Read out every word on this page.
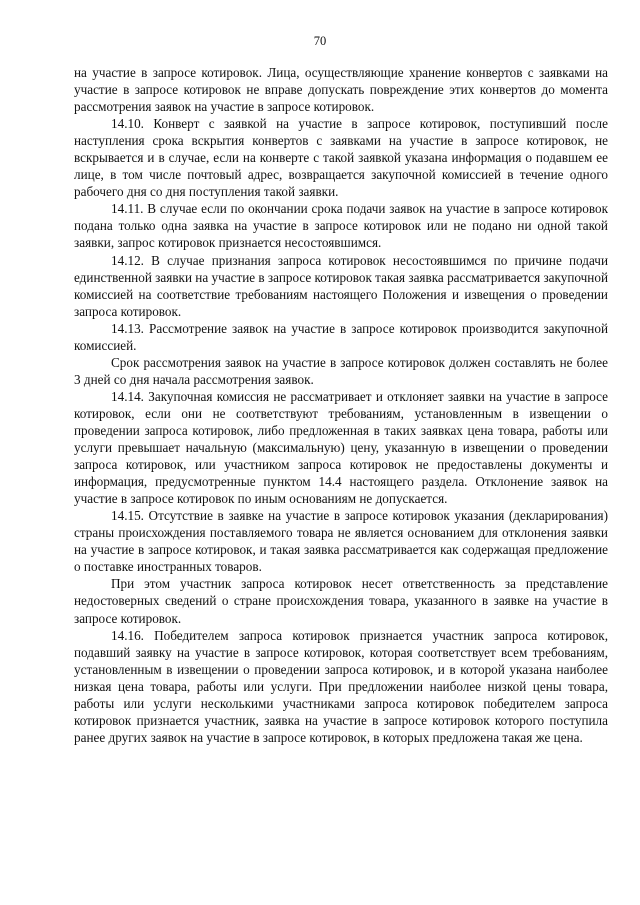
70

на участие в запросе котировок. Лица, осуществляющие хранение конвертов с заявками на участие в запросе котировок не вправе допускать повреждение этих конвертов до момента рассмотрения заявок на участие в запросе котировок.

14.10. Конверт с заявкой на участие в запросе котировок, поступивший после наступления срока вскрытия конвертов с заявками на участие в запросе котировок, не вскрывается и в случае, если на конверте с такой заявкой указана информация о подавшем ее лице, в том числе почтовый адрес, возвращается закупочной комиссией в течение одного рабочего дня со дня поступления такой заявки.

14.11. В случае если по окончании срока подачи заявок на участие в запросе котировок подана только одна заявка на участие в запросе котировок или не подано ни одной такой заявки, запрос котировок признается несостоявшимся.

14.12. В случае признания запроса котировок несостоявшимся по причине подачи единственной заявки на участие в запросе котировок такая заявка рассматривается закупочной комиссией на соответствие требованиям настоящего Положения и извещения о проведении запроса котировок.

14.13. Рассмотрение заявок на участие в запросе котировок производится закупочной комиссией.

Срок рассмотрения заявок на участие в запросе котировок должен составлять не более 3 дней со дня начала рассмотрения заявок.

14.14. Закупочная комиссия не рассматривает и отклоняет заявки на участие в запросе котировок, если они не соответствуют требованиям, установленным в извещении о проведении запроса котировок, либо предложенная в таких заявках цена товара, работы или услуги превышает начальную (максимальную) цену, указанную в извещении о проведении запроса котировок, или участником запроса котировок не предоставлены документы и информация, предусмотренные пунктом 14.4 настоящего раздела. Отклонение заявок на участие в запросе котировок по иным основаниям не допускается.

14.15. Отсутствие в заявке на участие в запросе котировок указания (декларирования) страны происхождения поставляемого товара не является основанием для отклонения заявки на участие в запросе котировок, и такая заявка рассматривается как содержащая предложение о поставке иностранных товаров.

При этом участник запроса котировок несет ответственность за представление недостоверных сведений о стране происхождения товара, указанного в заявке на участие в запросе котировок.

14.16. Победителем запроса котировок признается участник запроса котировок, подавший заявку на участие в запросе котировок, которая соответствует всем требованиям, установленным в извещении о проведении запроса котировок, и в которой указана наиболее низкая цена товара, работы или услуги. При предложении наиболее низкой цены товара, работы или услуги несколькими участниками запроса котировок победителем запроса котировок признается участник, заявка на участие в запросе котировок которого поступила ранее других заявок на участие в запросе котировок, в которых предложена такая же цена.
